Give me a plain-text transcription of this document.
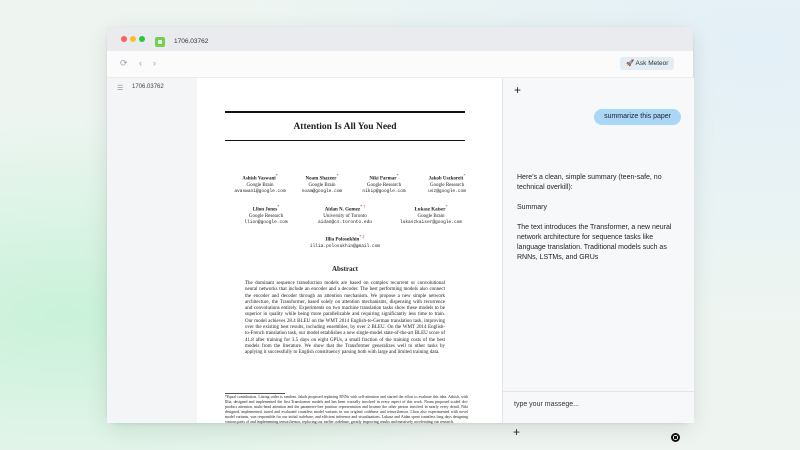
1706.03762
⟳ ‹ ›	🚀 Ask Meteor
☰ 1706.03762
Attention Is All You Need
Ashish Vaswani*
Google Brain
avaswani@google.com
Noam Shazeer*
Google Brain
noam@google.com
Niki Parmar*
Google Research
nikip@google.com
Jakob Uszkoreit*
Google Research
usz@google.com
Llion Jones*
Google Research
llion@google.com
Aidan N. Gomez* †
University of Toronto
aidan@cs.toronto.edu
Łukasz Kaiser*
Google Brain
lukaszkaiser@google.com
Illia Polosukhin* ‡
illia.polosukhin@gmail.com
Abstract
The dominant sequence transduction models are based on complex recurrent or convolutional neural networks that include an encoder and a decoder. The best performing models also connect the encoder and decoder through an attention mechanism. We propose a new simple network architecture, the Transformer, based solely on attention mechanisms, dispensing with recurrence and convolutions entirely. Experiments on two machine translation tasks show these models to be superior in quality while being more parallelizable and requiring significantly less time to train. Our model achieves 28.4 BLEU on the WMT 2014 English-to-German translation task, improving over the existing best results, including ensembles, by over 2 BLEU. On the WMT 2014 English-to-French translation task, our model establishes a new single-model state-of-the-art BLEU score of 41.8 after training for 3.5 days on eight GPUs, a small fraction of the training costs of the best models from the literature. We show that the Transformer generalizes well to other tasks by applying it successfully to English constituency parsing both with large and limited training data.
*Equal contribution. Listing order is random. Jakob proposed replacing RNNs with self-attention and started the effort to evaluate this idea. Ashish, with Illia, designed and implemented the first Transformer models and has been crucially involved in every aspect of this work. Noam proposed scaled dot-product attention, multi-head attention and the parameter-free position representation and became the other person involved in nearly every detail. Niki designed, implemented, tuned and evaluated countless model variants in our original codebase and tensor2tensor. Llion also experimented with novel model variants, was responsible for our initial codebase, and efficient inference and visualizations. Lukasz and Aidan spent countless long days designing various parts of and implementing tensor2tensor, replacing our earlier codebase, greatly improving results and massively accelerating our research.
+
summarize this paper

Here’s a clean, simple summary (teen-safe, no technical overkill):

Summary

The text introduces the Transformer, a new neural network architecture for sequence tasks like language translation. Traditional models such as RNNs, LSTMs, and GRUs

type your massege...
+
